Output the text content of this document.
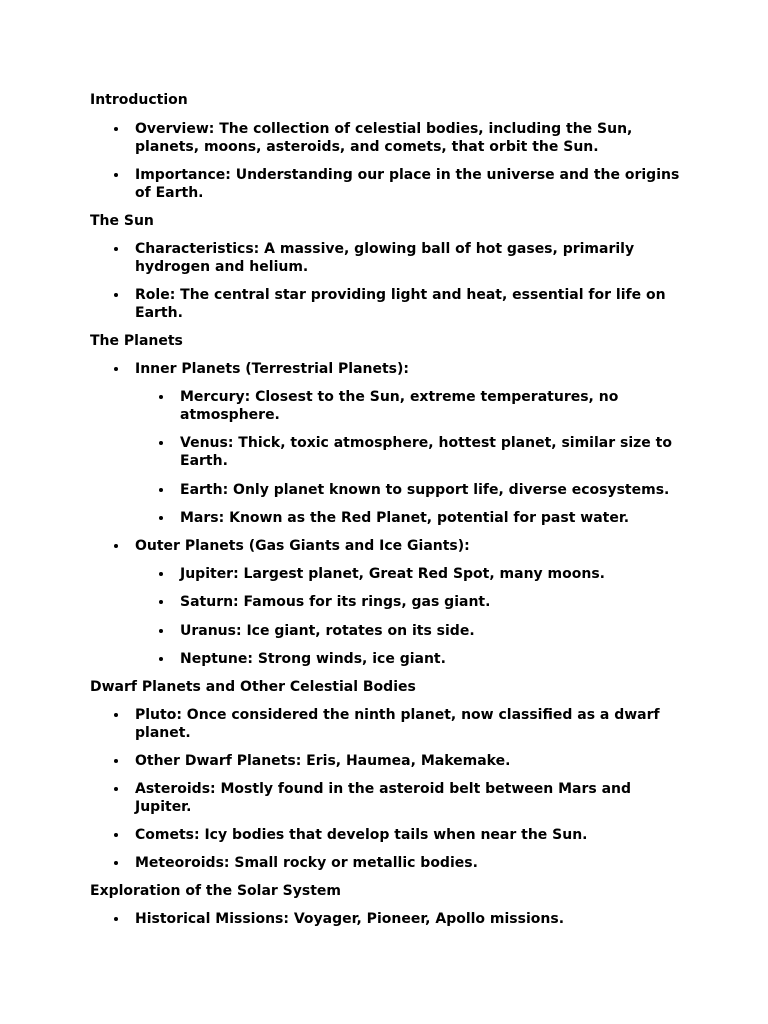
Introduction
Overview: The collection of celestial bodies, including the Sun, planets, moons, asteroids, and comets, that orbit the Sun.
Importance: Understanding our place in the universe and the origins of Earth.
The Sun
Characteristics: A massive, glowing ball of hot gases, primarily hydrogen and helium.
Role: The central star providing light and heat, essential for life on Earth.
The Planets
Inner Planets (Terrestrial Planets):
Mercury: Closest to the Sun, extreme temperatures, no atmosphere.
Venus: Thick, toxic atmosphere, hottest planet, similar size to Earth.
Earth: Only planet known to support life, diverse ecosystems.
Mars: Known as the Red Planet, potential for past water.
Outer Planets (Gas Giants and Ice Giants):
Jupiter: Largest planet, Great Red Spot, many moons.
Saturn: Famous for its rings, gas giant.
Uranus: Ice giant, rotates on its side.
Neptune: Strong winds, ice giant.
Dwarf Planets and Other Celestial Bodies
Pluto: Once considered the ninth planet, now classified as a dwarf planet.
Other Dwarf Planets: Eris, Haumea, Makemake.
Asteroids: Mostly found in the asteroid belt between Mars and Jupiter.
Comets: Icy bodies that develop tails when near the Sun.
Meteoroids: Small rocky or metallic bodies.
Exploration of the Solar System
Historical Missions: Voyager, Pioneer, Apollo missions.
